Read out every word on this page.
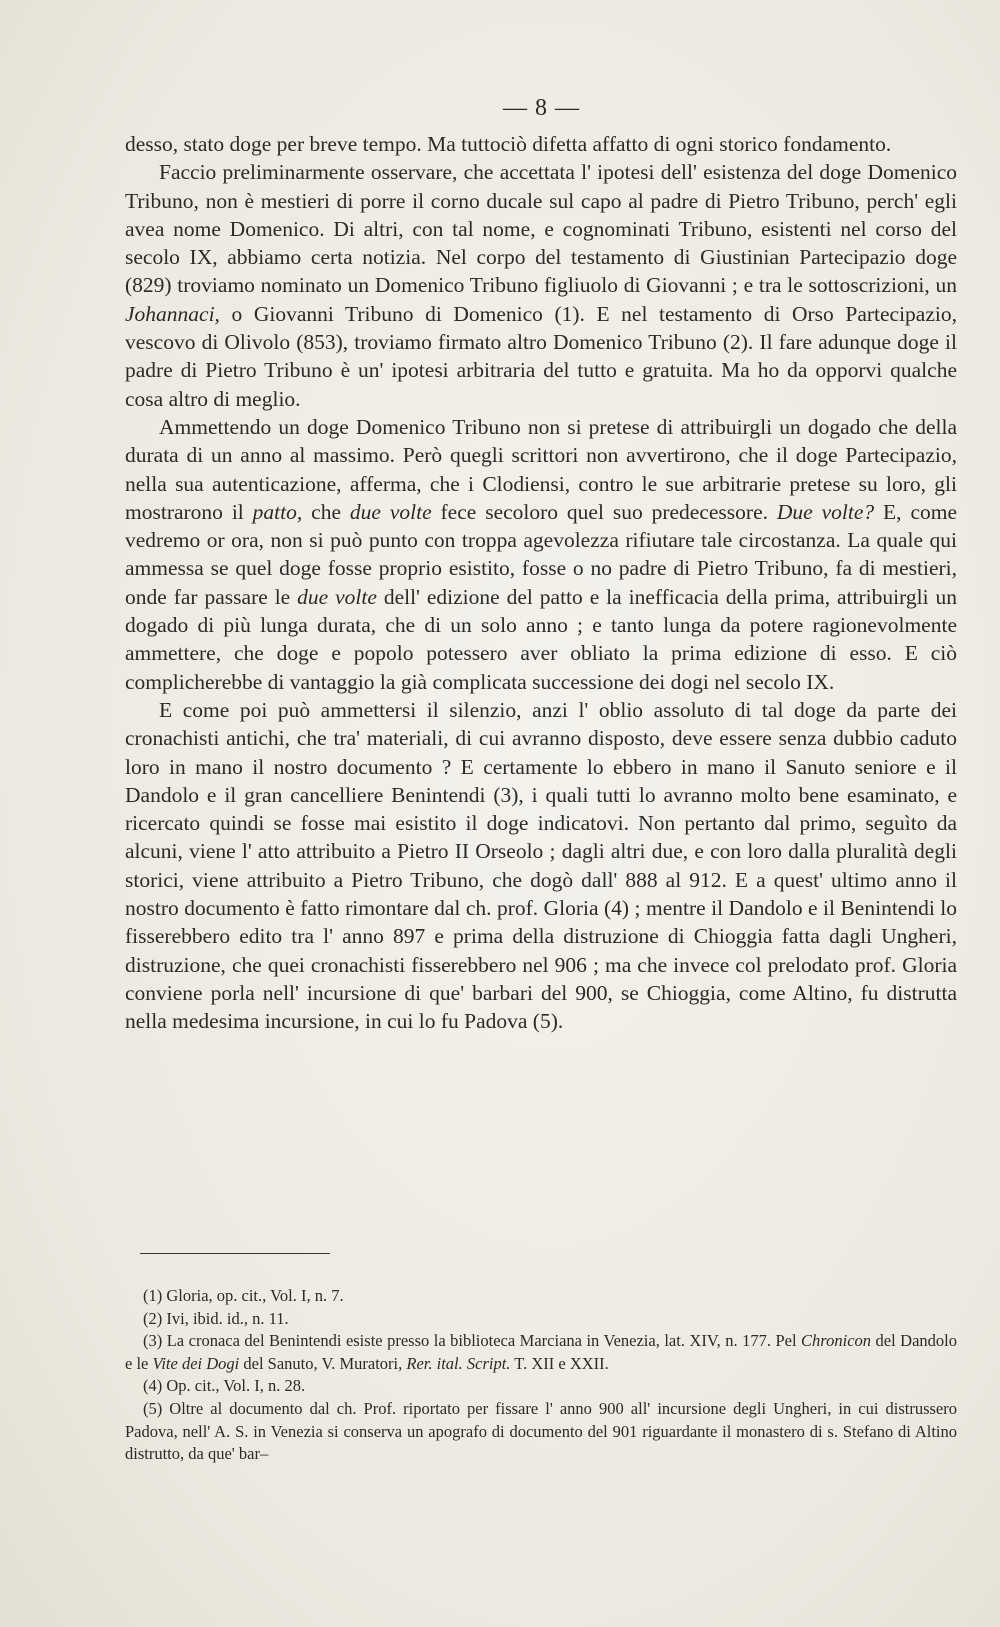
— 8 —

desso, stato doge per breve tempo. Ma tuttociò difetta affatto di ogni storico fondamento.

Faccio preliminarmente osservare, che accettata l' ipotesi dell' esistenza del doge Domenico Tribuno, non è mestieri di porre il corno ducale sul capo al padre di Pietro Tribuno, perch' egli avea nome Domenico. Di altri, con tal nome, e cognominati Tribuno, esistenti nel corso del secolo IX, abbiamo certa notizia. Nel corpo del testamento di Giustinian Partecipazio doge (829) troviamo nominato un Domenico Tribuno figliuolo di Giovanni ; e tra le sottoscrizioni, un Johannaci, o Giovanni Tribuno di Domenico (1). E nel testamento di Orso Partecipazio, vescovo di Olivolo (853), troviamo firmato altro Domenico Tribuno (2). Il fare adunque doge il padre di Pietro Tribuno è un' ipotesi arbitraria del tutto e gratuita. Ma ho da opporvi qualche cosa altro di meglio.

Ammettendo un doge Domenico Tribuno non si pretese di attribuirgli un dogado che della durata di un anno al massimo. Però quegli scrittori non avvertirono, che il doge Partecipazio, nella sua autenticazione, afferma, che i Clodiensi, contro le sue arbitrarie pretese su loro, gli mostrarono il patto, che due volte fece secoloro quel suo predecessore. Due volte? E, come vedremo or ora, non si può punto con troppa agevolezza rifiutare tale circostanza. La quale qui ammessa se quel doge fosse proprio esistito, fosse o no padre di Pietro Tribuno, fa di mestieri, onde far passare le due volte dell' edizione del patto e la inefficacia della prima, attribuirgli un dogado di più lunga durata, che di un solo anno ; e tanto lunga da potere ragionevolmente ammettere, che doge e popolo potessero aver obliato la prima edizione di esso. E ciò complicherebbe di vantaggio la già complicata successione dei dogi nel secolo IX.

E come poi può ammettersi il silenzio, anzi l' oblio assoluto di tal doge da parte dei cronachisti antichi, che tra' materiali, di cui avranno disposto, deve essere senza dubbio caduto loro in mano il nostro documento ? E certamente lo ebbero in mano il Sanuto seniore e il Dandolo e il gran cancelliere Benintendi (3), i quali tutti lo avranno molto bene esaminato, e ricercato quindi se fosse mai esistito il doge indicatovi. Non pertanto dal primo, seguìto da alcuni, viene l' atto attribuito a Pietro II Orseolo ; dagli altri due, e con loro dalla pluralità degli storici, viene attribuito a Pietro Tribuno, che dogò dall' 888 al 912. E a quest' ultimo anno il nostro documento è fatto rimontare dal ch. prof. Gloria (4) ; mentre il Dandolo e il Benintendi lo fisserebbero edito tra l' anno 897 e prima della distruzione di Chioggia fatta dagli Ungheri, distruzione, che quei cronachisti fisserebbero nel 906 ; ma che invece col prelodato prof. Gloria conviene porla nell' incursione di que' barbari del 900, se Chioggia, come Altino, fu distrutta nella medesima incursione, in cui lo fu Padova (5).

(1) Gloria, op. cit., Vol. I, n. 7.

(2) Ivi, ibid. id., n. 11.

(3) La cronaca del Benintendi esiste presso la biblioteca Marciana in Venezia, lat. XIV, n. 177. Pel Chronicon del Dandolo e le Vite dei Dogi del Sanuto, V. Muratori, Rer. ital. Script. T. XII e XXII.

(4) Op. cit., Vol. I, n. 28.

(5) Oltre al documento dal ch. Prof. riportato per fissare l' anno 900 all' incursione degli Ungheri, in cui distrussero Padova, nell' A. S. in Venezia si conserva un apografo di documento del 901 riguardante il monastero di s. Stefano di Altino distrutto, da que' bar–
